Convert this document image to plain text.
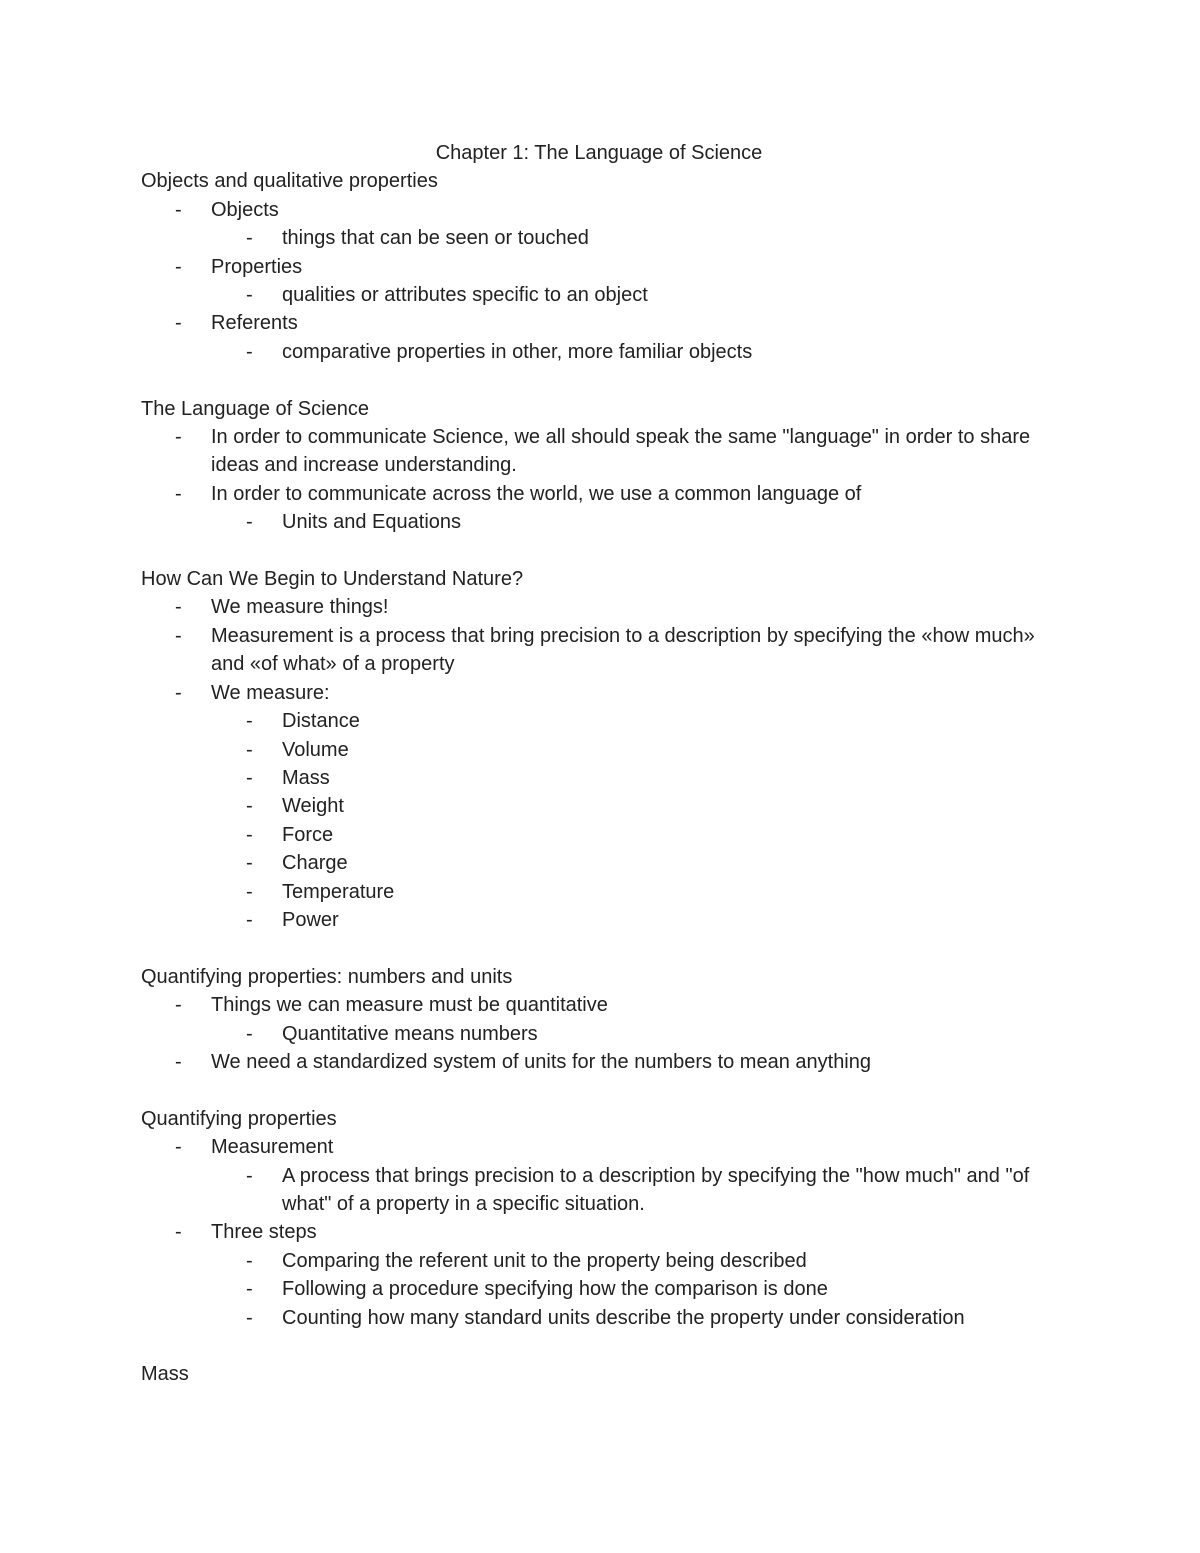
Chapter 1: The Language of Science

Objects and qualitative properties

- Objects
- things that can be seen or touched
- Properties
- qualities or attributes specific to an object
- Referents
- comparative properties in other, more familiar objects

The Language of Science

- In order to communicate Science, we all should speak the same "language" in order to share ideas and increase understanding.
- In order to communicate across the world, we use a common language of
- Units and Equations

How Can We Begin to Understand Nature?

- We measure things!
- Measurement is a process that bring precision to a description by specifying the «how much» and «of what» of a property
- We measure:
- Distance
- Volume
- Mass
- Weight
- Force
- Charge
- Temperature
- Power

Quantifying properties: numbers and units

- Things we can measure must be quantitative
- Quantitative means numbers
- We need a standardized system of units for the numbers to mean anything

Quantifying properties

- Measurement
- A process that brings precision to a description by specifying the "how much" and "of what" of a property in a specific situation.
- Three steps
- Comparing the referent unit to the property being described
- Following a procedure specifying how the comparison is done
- Counting how many standard units describe the property under consideration

Mass
